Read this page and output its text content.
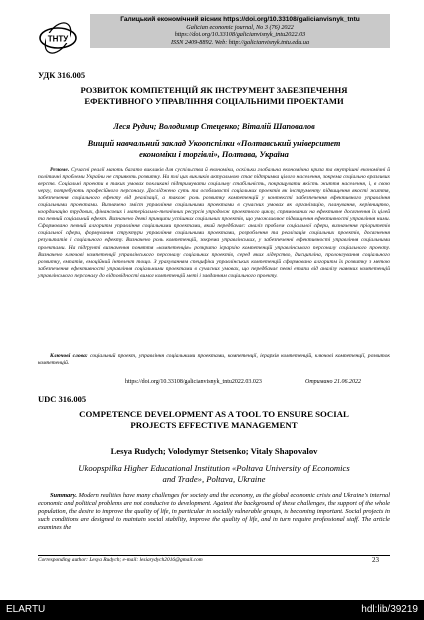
ТНТУ
Галицький економічний вісник https://doi.org/10.33108/galicianvisnyk_tntu
Galician economic journal, No 3 (76) 2022
https://doi.org/10.33108/galicianvisnyk_tntu2022.03
ISSN 2409-8892. Web: http://galicianvisnyk.tntu.edu.ua
УДК 316.005
РОЗВИТОК КОМПЕТЕНЦІЙ ЯК ІНСТРУМЕНТ ЗАБЕЗПЕЧЕННЯ
ЕФЕКТИВНОГО УПРАВЛІННЯ СОЦІАЛЬНИМИ ПРОЕКТАМИ
Леся Рудич; Володимир Стеценко; Віталій Шаповалов
Вищий навчальний заклад Укоопспілки «Полтавський університет
економіки і торгівлі», Полтава, Україна

Резюме. Сучасні реалії мають багато викликів для суспільства й економіки, оскільки глобальна економічна криза та внутрішні економічні й політичні проблеми України не сприяють розвитку. На тлі цих викликів актуальною стає підтримка цілого населення, зокрема соціально вразливих верств. Соціальні проекти в таких умовах покликані підтримувати соціальну стабільність, покращувати якість життя населення, і, в свою чергу, потребують професійного персоналу. Досліджено суть та особливості соціальних проектів як інструменту підвищення якості життя, забезпечення соціального ефекту від реалізації, а також роль розвитку компетенцій у контексті забезпечення ефективного управління соціальними проектами. Визначено зміст управління соціальними проектами в сучасних умовах як організацію, планування, керівництво, координацію трудових, фінансових і матеріально-технічних ресурсів упродовж проектного циклу, спрямованих на ефективне досягнення їх цілей та певний соціальний ефект. Визначено деякі принципи успішних соціальних проектів, що уможливлює підвищення ефективності управління ними. Сформовано певний алгоритм управління соціальними проектами, який передбачає: аналіз проблем соціальної сфери, визначення пріоритетів соціальної сфери, формування структури управління соціальними проектами, розроблення та реалізація соціальних проектів, досягнення результатів і соціального ефекту. Визначено роль компетенцій, зокрема управлінських, у забезпеченні ефективності управління соціальними проектами. На підґрунті визначення поняття «компетенція» розкрито ієрархію компетенцій управлінського персоналу соціального проекту. Визначено ключові компетенції управлінського персоналу соціальних проектів, серед яких лідерство, дисципліна, пролонгування соціального розвитку, емпатія, емоційний інтелект тощо. З урахуванням специфіки управлінських компетенцій сформовано алгоритм їх розвитку з метою забезпечення ефективності управління соціальними проектами в сучасних умовах, що передбачає певні етапи від аналізу наявних компетенцій управлінського персоналу до відповідності вимог компетенцій меті і завданням соціального проекту.

Ключові слова: соціальний проект, управління соціальними проектами, компетенції, ієрархія компетенцій, ключові компетенції, розвиток компетенцій.
https://doi.org/10.33108/galicianvisnyk_tntu2022.03.023	Отримано 21.06.2022
UDC 316.005
COMPETENCE DEVELOPMENT AS A TOOL TO ENSURE SOCIAL
PROJECTS EFFECTIVE MANAGEMENT
Lesya Rudych; Volodymyr Stetsenko; Vitaly Shapovalov
Ukoopspilka Higher Educational Institution «Poltava University of Economics
and Trade», Poltava, Ukraine
Summary. Modern realities have many challenges for society and the economy, as the global economic crisis and Ukraine's internal economic and political problems are not conducive to development. Against the background of these challenges, the support of the whole population, the desire to improve the quality of life, in particular in socially vulnerable groups, is becoming important. Social projects in such conditions are designed to maintain social stability, improve the quality of life, and in turn require professional staff. The article examines the
Corresponding author: Lesya Rudych; e-mail: lesiarydych2016@gmail.com	23
ELARTU	hdl:lib/39219
